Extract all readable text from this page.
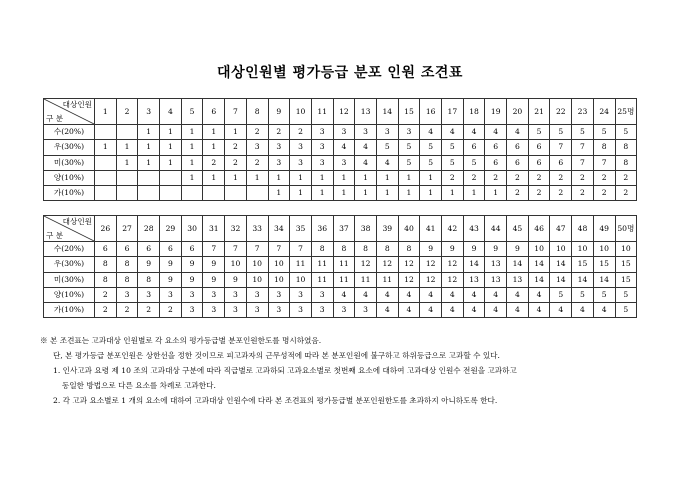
대상인원별 평가등급 분포 인원 조견표
대상인원
구 분	1	2	3	4	5	6	7	8	9	10	11	12	13	14	15	16	17	18	19	20	21	22	23	24	25명
수(20%)			1	1	1	1	1	2	2	2	3	3	3	3	3	4	4	4	4	4	5	5	5	5	5
우(30%)	1	1	1	1	1	1	2	3	3	3	3	4	4	5	5	5	5	6	6	6	6	7	7	8	8
미(30%)		1	1	1	1	2	2	2	3	3	3	3	4	4	5	5	5	5	6	6	6	6	7	7	8
양(10%)					1	1	1	1	1	1	1	1	1	1	1	1	2	2	2	2	2	2	2	2	2
가(10%)									1	1	1	1	1	1	1	1	1	1	1	2	2	2	2	2	2
대상인원
구 분	26	27	28	29	30	31	32	33	34	35	36	37	38	39	40	41	42	43	44	45	46	47	48	49	50명
수(20%)	6	6	6	6	6	7	7	7	7	7	8	8	8	8	8	9	9	9	9	9	10	10	10	10	10
우(30%)	8	8	9	9	9	9	10	10	10	11	11	11	12	12	12	12	12	14	13	14	14	14	15	15	15
미(30%)	8	8	8	9	9	9	9	10	10	10	11	11	11	11	12	12	12	13	13	13	14	14	14	14	15
양(10%)	2	3	3	3	3	3	3	3	3	3	3	4	4	4	4	4	4	4	4	4	4	5	5	5	5
가(10%)	2	2	2	2	3	3	3	3	3	3	3	3	3	4	4	4	4	4	4	4	4	4	4	4	5
※ 본 조견표는 고과대상 인원별로 각 요소의 평가등급별 분포인원한도를 명시하였음.
단, 본 평가등급 분포인원은 상한선을 정한 것이므로 피고과자의 근무성적에 따라 본 분포인원에 불구하고 하위등급으로 고과할 수 있다.
1. 인사고과 요령 제 10 조의 고과대상 구분에 따라 직급별로 고과하되 고과요소별로 첫번째 요소에 대하여 고과대상 인원수 전원을 고과하고
동일한 방법으로 다른 요소를 차례로 고과한다.
2. 각 고과 요소별로 1 개의 요소에 대하여 고과대상 인원수에 다라 본 조견표의 평가등급별 분포인원한도를 초과하지 아니하도록 한다.
